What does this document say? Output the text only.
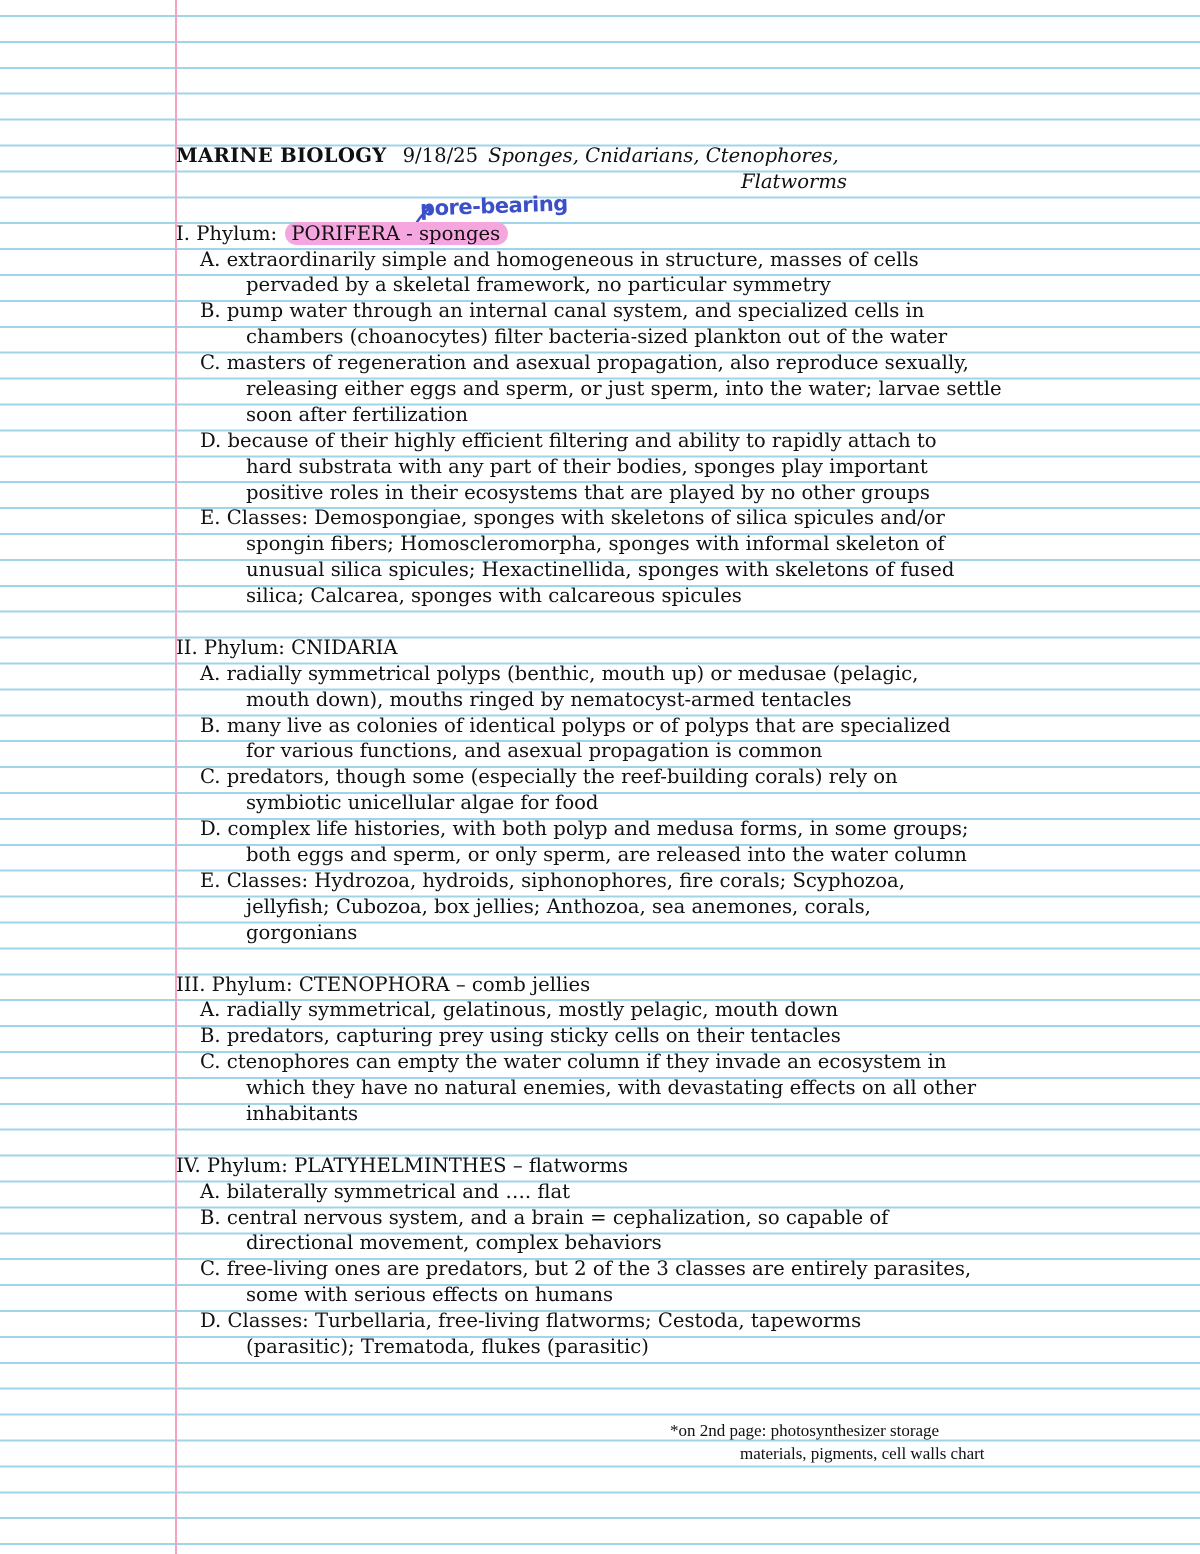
pore-bearing
MARINE BIOLOGY 9/18/25 Sponges, Cnidarians, Ctenophores,
Flatworms
I. Phylum: PORIFERA - sponges
A. extraordinarily simple and homogeneous in structure, masses of cells
pervaded by a skeletal framework, no particular symmetry
B. pump water through an internal canal system, and specialized cells in
chambers (choanocytes) filter bacteria-sized plankton out of the water
C. masters of regeneration and asexual propagation, also reproduce sexually,
releasing either eggs and sperm, or just sperm, into the water; larvae settle
soon after fertilization
D. because of their highly efficient filtering and ability to rapidly attach to
hard substrata with any part of their bodies, sponges play important
positive roles in their ecosystems that are played by no other groups
E. Classes: Demospongiae, sponges with skeletons of silica spicules and/or
spongin fibers; Homoscleromorpha, sponges with informal skeleton of
unusual silica spicules; Hexactinellida, sponges with skeletons of fused
silica; Calcarea, sponges with calcareous spicules
II. Phylum: CNIDARIA
A. radially symmetrical polyps (benthic, mouth up) or medusae (pelagic,
mouth down), mouths ringed by nematocyst-armed tentacles
B. many live as colonies of identical polyps or of polyps that are specialized
for various functions, and asexual propagation is common
C. predators, though some (especially the reef-building corals) rely on
symbiotic unicellular algae for food
D. complex life histories, with both polyp and medusa forms, in some groups;
both eggs and sperm, or only sperm, are released into the water column
E. Classes: Hydrozoa, hydroids, siphonophores, fire corals; Scyphozoa,
jellyfish; Cubozoa, box jellies; Anthozoa, sea anemones, corals,
gorgonians
III. Phylum: CTENOPHORA – comb jellies
A. radially symmetrical, gelatinous, mostly pelagic, mouth down
B. predators, capturing prey using sticky cells on their tentacles
C. ctenophores can empty the water column if they invade an ecosystem in
which they have no natural enemies, with devastating effects on all other
inhabitants
IV. Phylum: PLATYHELMINTHES – flatworms
A. bilaterally symmetrical and …. flat
B. central nervous system, and a brain = cephalization, so capable of
directional movement, complex behaviors
C. free-living ones are predators, but 2 of the 3 classes are entirely parasites,
some with serious effects on humans
D. Classes: Turbellaria, free-living flatworms; Cestoda, tapeworms
(parasitic); Trematoda, flukes (parasitic)
*on 2nd page: photosynthesizer storage
materials, pigments, cell walls chart
